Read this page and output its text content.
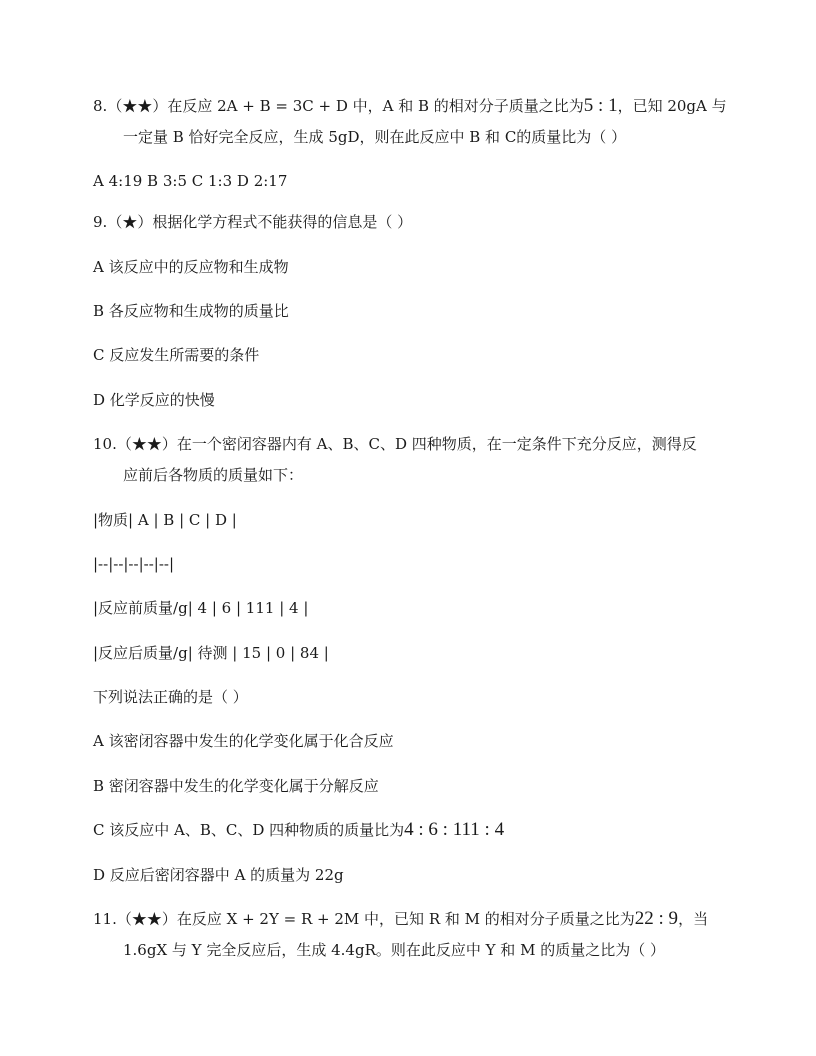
8.（★★）在反应 2A + B = 3C + D 中，A 和 B 的相对分子质量之比为5 : 1，已知 20gA 与
一定量 B 恰好完全反应，生成 5gD，则在此反应中 B 和 C的质量比为（ ）
A 4:19 B 3:5 C 1:3 D 2:17
9.（★）根据化学方程式不能获得的信息是（ ）
A 该反应中的反应物和生成物
B 各反应物和生成物的质量比
C 反应发生所需要的条件
D 化学反应的快慢
10.（★★）在一个密闭容器内有 A、B、C、D 四种物质，在一定条件下充分反应，测得反
应前后各物质的质量如下：
|物质| A | B | C | D |
|--|--|--|--|--|
|反应前质量/g| 4 | 6 | 111 | 4 |
|反应后质量/g| 待测 | 15 | 0 | 84 |
下列说法正确的是（ ）
A 该密闭容器中发生的化学变化属于化合反应
B 密闭容器中发生的化学变化属于分解反应
C 该反应中 A、B、C、D 四种物质的质量比为4 : 6 : 111 : 4
D 反应后密闭容器中 A 的质量为 22g
11.（★★）在反应 X + 2Y = R + 2M 中，已知 R 和 M 的相对分子质量之比为22 : 9，当
1.6gX 与 Y 完全反应后，生成 4.4gR。则在此反应中 Y 和 M 的质量之比为（ ）
